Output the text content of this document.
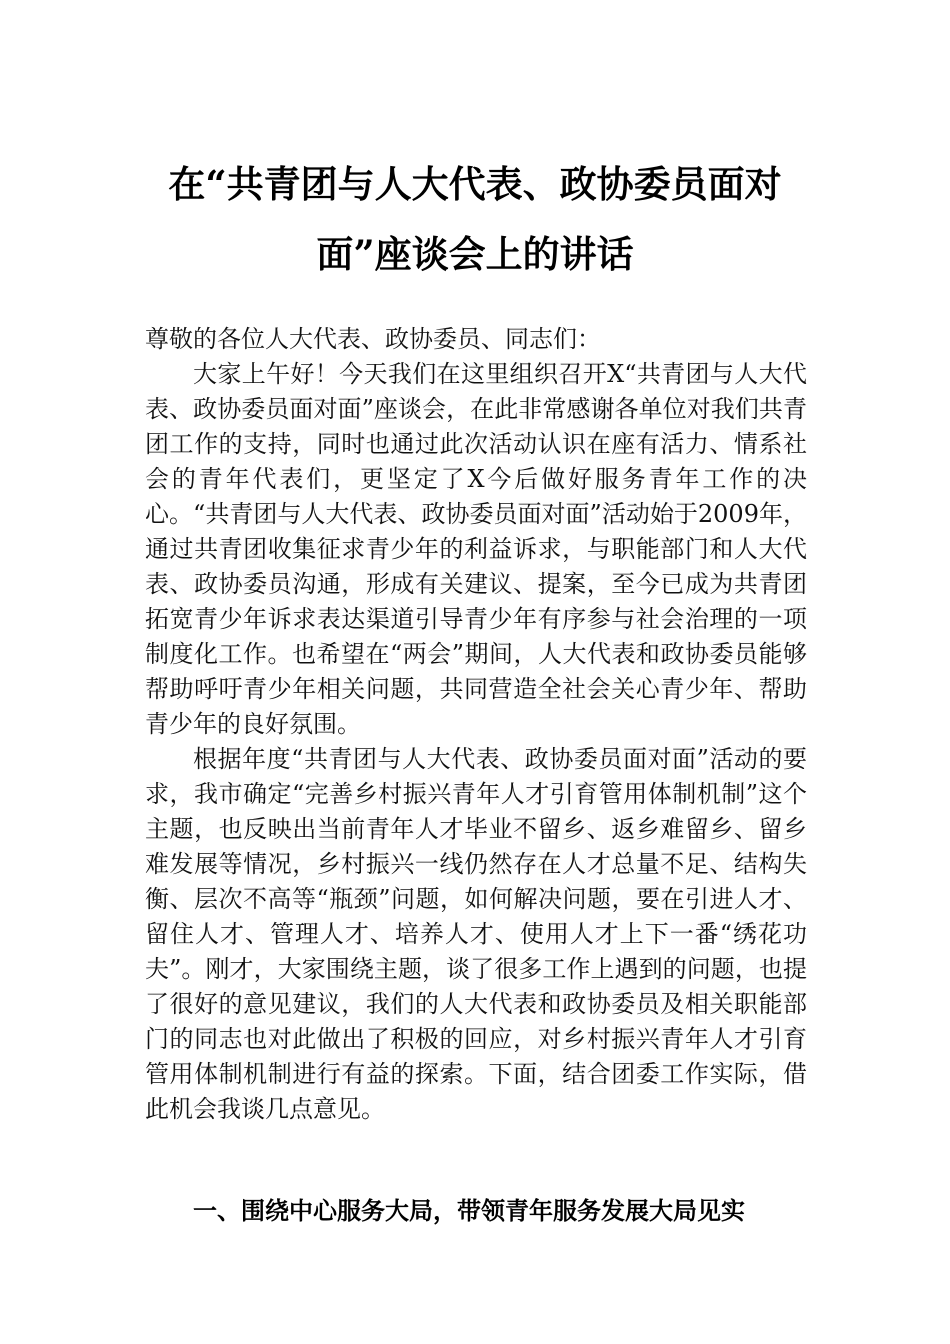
在“共青团与人大代表、政协委员面对
面”座谈会上的讲话

尊敬的各位人大代表、政协委员、同志们：

大家上午好！今天我们在这里组织召开X“共青团与人大代表、政协委员面对面”座谈会，在此非常感谢各单位对我们共青团工作的支持，同时也通过此次活动认识在座有活力、情系社会的青年代表们，更坚定了X今后做好服务青年工作的决心。“共青团与人大代表、政协委员面对面”活动始于2009年，通过共青团收集征求青少年的利益诉求，与职能部门和人大代表、政协委员沟通，形成有关建议、提案，至今已成为共青团拓宽青少年诉求表达渠道引导青少年有序参与社会治理的一项制度化工作。也希望在“两会”期间，人大代表和政协委员能够帮助呼吁青少年相关问题，共同营造全社会关心青少年、帮助青少年的良好氛围。

根据年度“共青团与人大代表、政协委员面对面”活动的要求，我市确定“完善乡村振兴青年人才引育管用体制机制”这个主题，也反映出当前青年人才毕业不留乡、返乡难留乡、留乡难发展等情况，乡村振兴一线仍然存在人才总量不足、结构失衡、层次不高等“瓶颈”问题，如何解决问题，要在引进人才、留住人才、管理人才、培养人才、使用人才上下一番“绣花功夫”。刚才，大家围绕主题，谈了很多工作上遇到的问题，也提了很好的意见建议，我们的人大代表和政协委员及相关职能部门的同志也对此做出了积极的回应，对乡村振兴青年人才引育管用体制机制进行有益的探索。下面，结合团委工作实际，借此机会我谈几点意见。

一、围绕中心服务大局，带领青年服务发展大局见实
